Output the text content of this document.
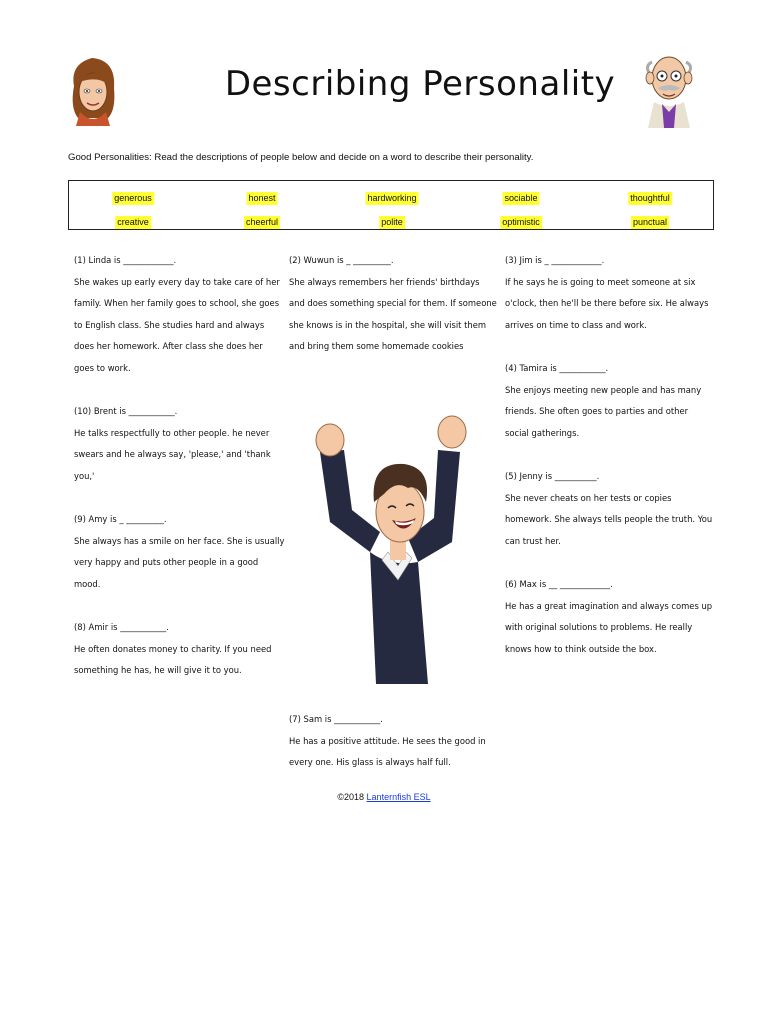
Describing Personality
Good Personalities: Read the descriptions of people below and decide on a word to describe their personality.
generous	honest	hardworking	sociable	thoughtful
creative	cheerful	polite	optimistic	punctual
(1) Linda is ____________.
She wakes up early every day to take care of her
family. When her family goes to school, she goes
to English class. She studies hard and always
does her homework. After class she does her
goes to work.
(10) Brent is ___________.
He talks respectfully to other people. he never
swears and he always say, 'please,' and 'thank you,'
(9) Amy is _ _________.
She always has a smile on her face. She is usually
very happy and puts other people in a good mood.
(8) Amir is ___________.
He often donates money to charity. If you need
something he has, he will give it to you.
(2) Wuwun is _ _________.
She always remembers her friends' birthdays
and does something special for them. If someone
she knows is in the hospital, she will visit them
and bring them some homemade cookies
(3) Jim is _ ____________.
If he says he is going to meet someone at six
o'clock, then he'll be there before six. He always
arrives on time to class and work.
(4) Tamira is ___________.
She enjoys meeting new people and has many
friends. She often goes to parties and other
social gatherings.
(5) Jenny is __________.
She never cheats on her tests or copies
homework. She always tells people the truth. You
can trust her.
(6) Max is __ ____________.
He has a great imagination and always comes up
with original solutions to problems. He really
knows how to think outside the box.
(7) Sam is ___________.
He has a positive attitude. He sees the good in
every one. His glass is always half full.
©2018 Lanternfish ESL
